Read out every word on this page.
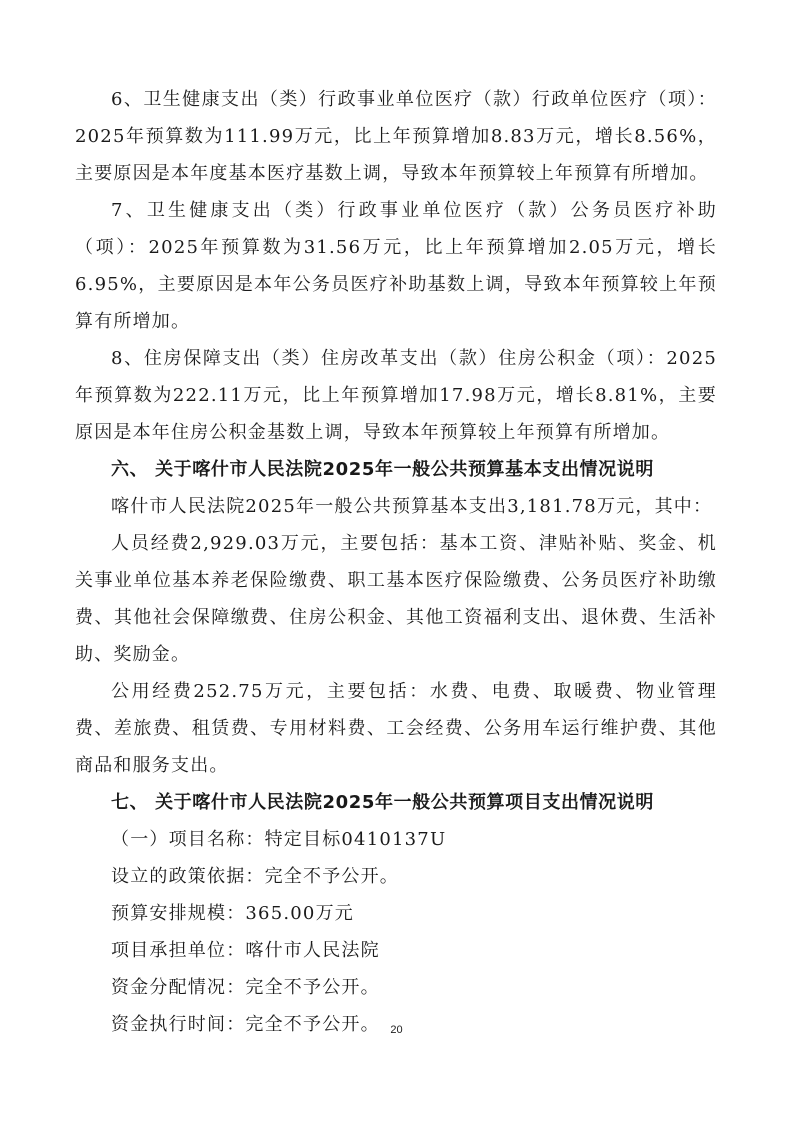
6、卫生健康支出（类）行政事业单位医疗（款）行政单位医疗（项）：2025年预算数为111.99万元，比上年预算增加8.83万元，增长8.56%，主要原因是本年度基本医疗基数上调，导致本年预算较上年预算有所增加。

7、卫生健康支出（类）行政事业单位医疗（款）公务员医疗补助（项）：2025年预算数为31.56万元，比上年预算增加2.05万元，增长6.95%，主要原因是本年公务员医疗补助基数上调，导致本年预算较上年预算有所增加。

8、住房保障支出（类）住房改革支出（款）住房公积金（项）：2025年预算数为222.11万元，比上年预算增加17.98万元，增长8.81%，主要原因是本年住房公积金基数上调，导致本年预算较上年预算有所增加。

六、 关于喀什市人民法院2025年一般公共预算基本支出情况说明

喀什市人民法院2025年一般公共预算基本支出3,181.78万元，其中：

人员经费2,929.03万元，主要包括：基本工资、津贴补贴、奖金、机关事业单位基本养老保险缴费、职工基本医疗保险缴费、公务员医疗补助缴费、其他社会保障缴费、住房公积金、其他工资福利支出、退休费、生活补助、奖励金。

公用经费252.75万元，主要包括：水费、电费、取暖费、物业管理费、差旅费、租赁费、专用材料费、工会经费、公务用车运行维护费、其他商品和服务支出。

七、 关于喀什市人民法院2025年一般公共预算项目支出情况说明

（一）项目名称：特定目标0410137U

设立的政策依据：完全不予公开。

预算安排规模：365.00万元

项目承担单位：喀什市人民法院

资金分配情况：完全不予公开。

资金执行时间：完全不予公开。 20
